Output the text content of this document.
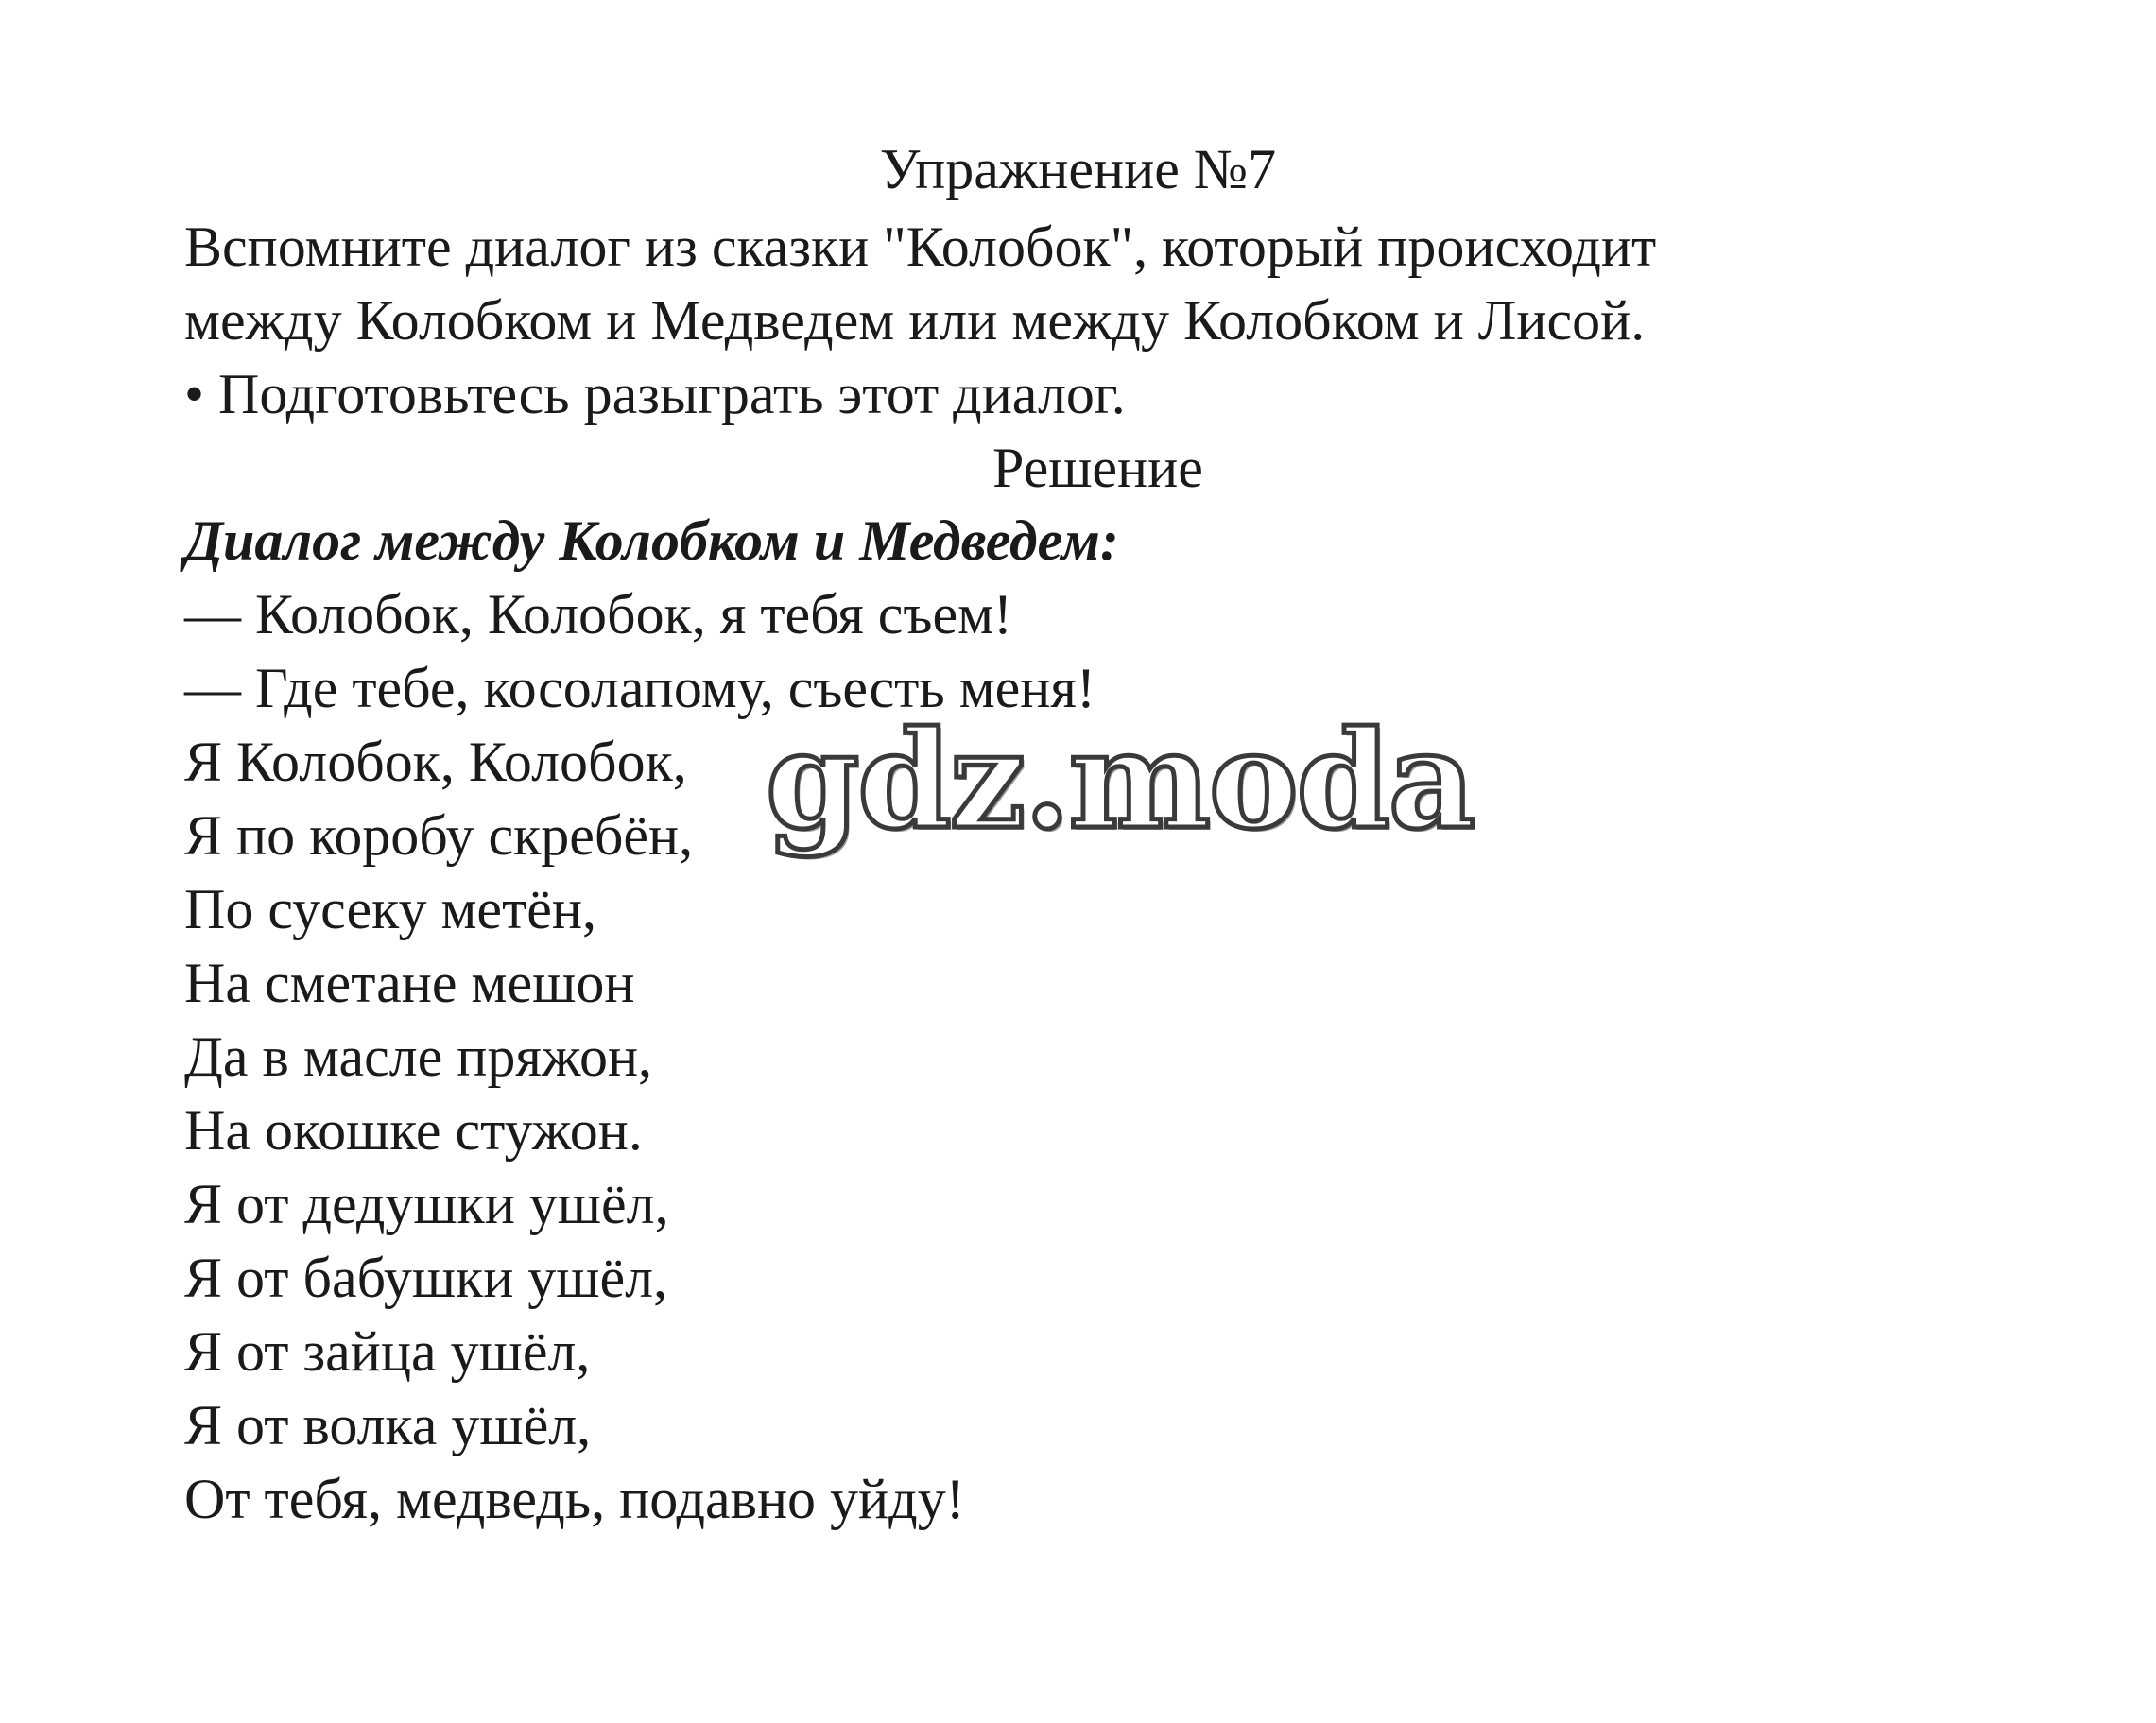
Упражнение №7
Вспомните диалог из сказки "Колобок", который происходит
между Колобком и Медведем или между Колобком и Лисой.
• Подготовьтесь разыграть этот диалог.
Решение
Диалог между Колобком и Медведем:
— Колобок, Колобок, я тебя съем!
— Где тебе, косолапому, съесть меня!
Я Колобок, Колобок,
Я по коробу скребён,
По сусеку метён,
На сметане мешон
Да в масле пряжон,
На окошке стужон.
Я от дедушки ушёл,
Я от бабушки ушёл,
Я от зайца ушёл,
Я от волка ушёл,
От тебя, медведь, подавно уйду!
gdz.moda
